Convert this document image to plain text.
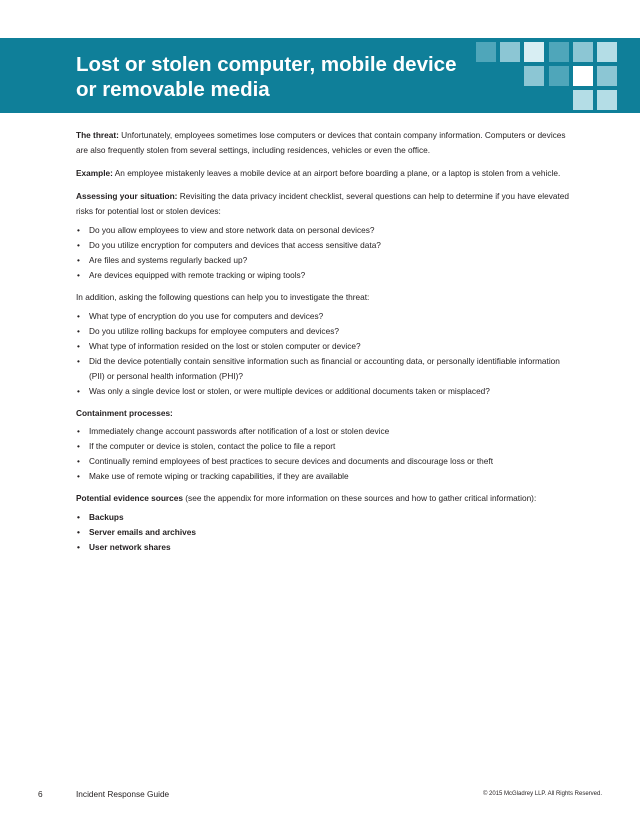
Lost or stolen computer, mobile device
or removable media

The threat: Unfortunately, employees sometimes lose computers or devices that contain company information. Computers or devices are also frequently stolen from several settings, including residences, vehicles or even the office.

Example: An employee mistakenly leaves a mobile device at an airport before boarding a plane, or a laptop is stolen from a vehicle.

Assessing your situation: Revisiting the data privacy incident checklist, several questions can help to determine if you have elevated risks for potential lost or stolen devices:

• Do you allow employees to view and store network data on personal devices?
• Do you utilize encryption for computers and devices that access sensitive data?
• Are files and systems regularly backed up?
• Are devices equipped with remote tracking or wiping tools?

In addition, asking the following questions can help you to investigate the threat:

• What type of encryption do you use for computers and devices?
• Do you utilize rolling backups for employee computers and devices?
• What type of information resided on the lost or stolen computer or device?
• Did the device potentially contain sensitive information such as financial or accounting data, or personally identifiable information (PII) or personal health information (PHI)?
• Was only a single device lost or stolen, or were multiple devices or additional documents taken or misplaced?

Containment processes:

• Immediately change account passwords after notification of a lost or stolen device
• If the computer or device is stolen, contact the police to file a report
• Continually remind employees of best practices to secure devices and documents and discourage loss or theft
• Make use of remote wiping or tracking capabilities, if they are available

Potential evidence sources (see the appendix for more information on these sources and how to gather critical information):

• Backups
• Server emails and archives
• User network shares
6	Incident Response Guide	© 2015 McGladrey LLP. All Rights Reserved.
